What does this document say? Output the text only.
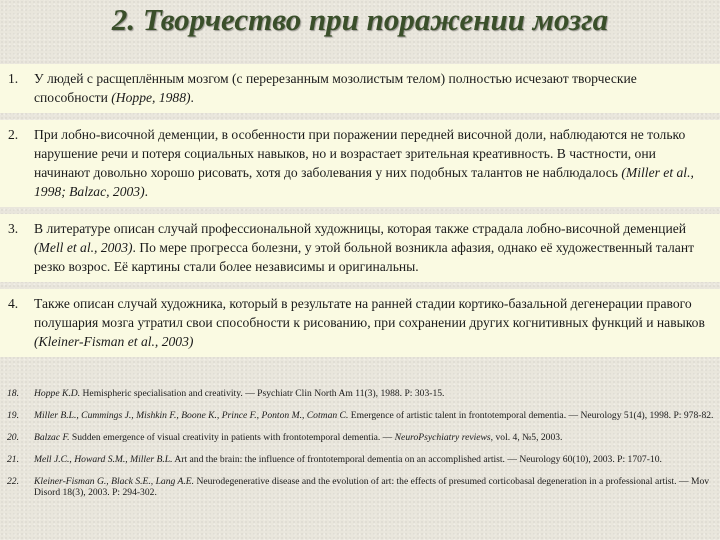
2. Творчество при поражении мозга
1. У людей с расщеплённым мозгом (с перерезанным мозолистым телом) полностью исчезают творческие способности (Hoppe, 1988).
2. При лобно-височной деменции, в особенности при поражении передней височной доли, наблюдаются не только нарушение речи и потеря социальных навыков, но и возрастает зрительная креативность. В частности, они начинают довольно хорошо рисовать, хотя до заболевания у них подобных талантов не наблюдалось (Miller et al., 1998; Balzac, 2003).
3. В литературе описан случай профессиональной художницы, которая также страдала лобно-височной деменцией (Mell et al., 2003). По мере прогресса болезни, у этой больной возникла афазия, однако её художественный талант резко возрос. Её картины стали более независимы и оригинальны.
4. Также описан случай художника, который в результате на ранней стадии кортико-базальной дегенерации правого полушария мозга утратил свои способности к рисованию, при сохранении других когнитивных функций и навыков (Kleiner-Fisman et al., 2003)
18. Hoppe K.D. Hemispheric specialisation and creativity. — Psychiatr Clin North Am 11(3), 1988. P: 303-15.
19. Miller B.L., Cummings J., Mishkin F., Boone K., Prince F., Ponton M., Cotman C. Emergence of artistic talent in frontotemporal dementia. — Neurology 51(4), 1998. P: 978-82.
20. Balzac F. Sudden emergence of visual creativity in patients with frontotemporal dementia. — NeuroPsychiatry reviews, vol. 4, №5, 2003.
21. Mell J.C., Howard S.M., Miller B.L. Art and the brain: the influence of frontotemporal dementia on an accomplished artist. — Neurology 60(10), 2003. P: 1707-10.
22. Kleiner-Fisman G., Black S.E., Lang A.E. Neurodegenerative disease and the evolution of art: the effects of presumed corticobasal degeneration in a professional artist. — Mov Disord 18(3), 2003. P: 294-302.
